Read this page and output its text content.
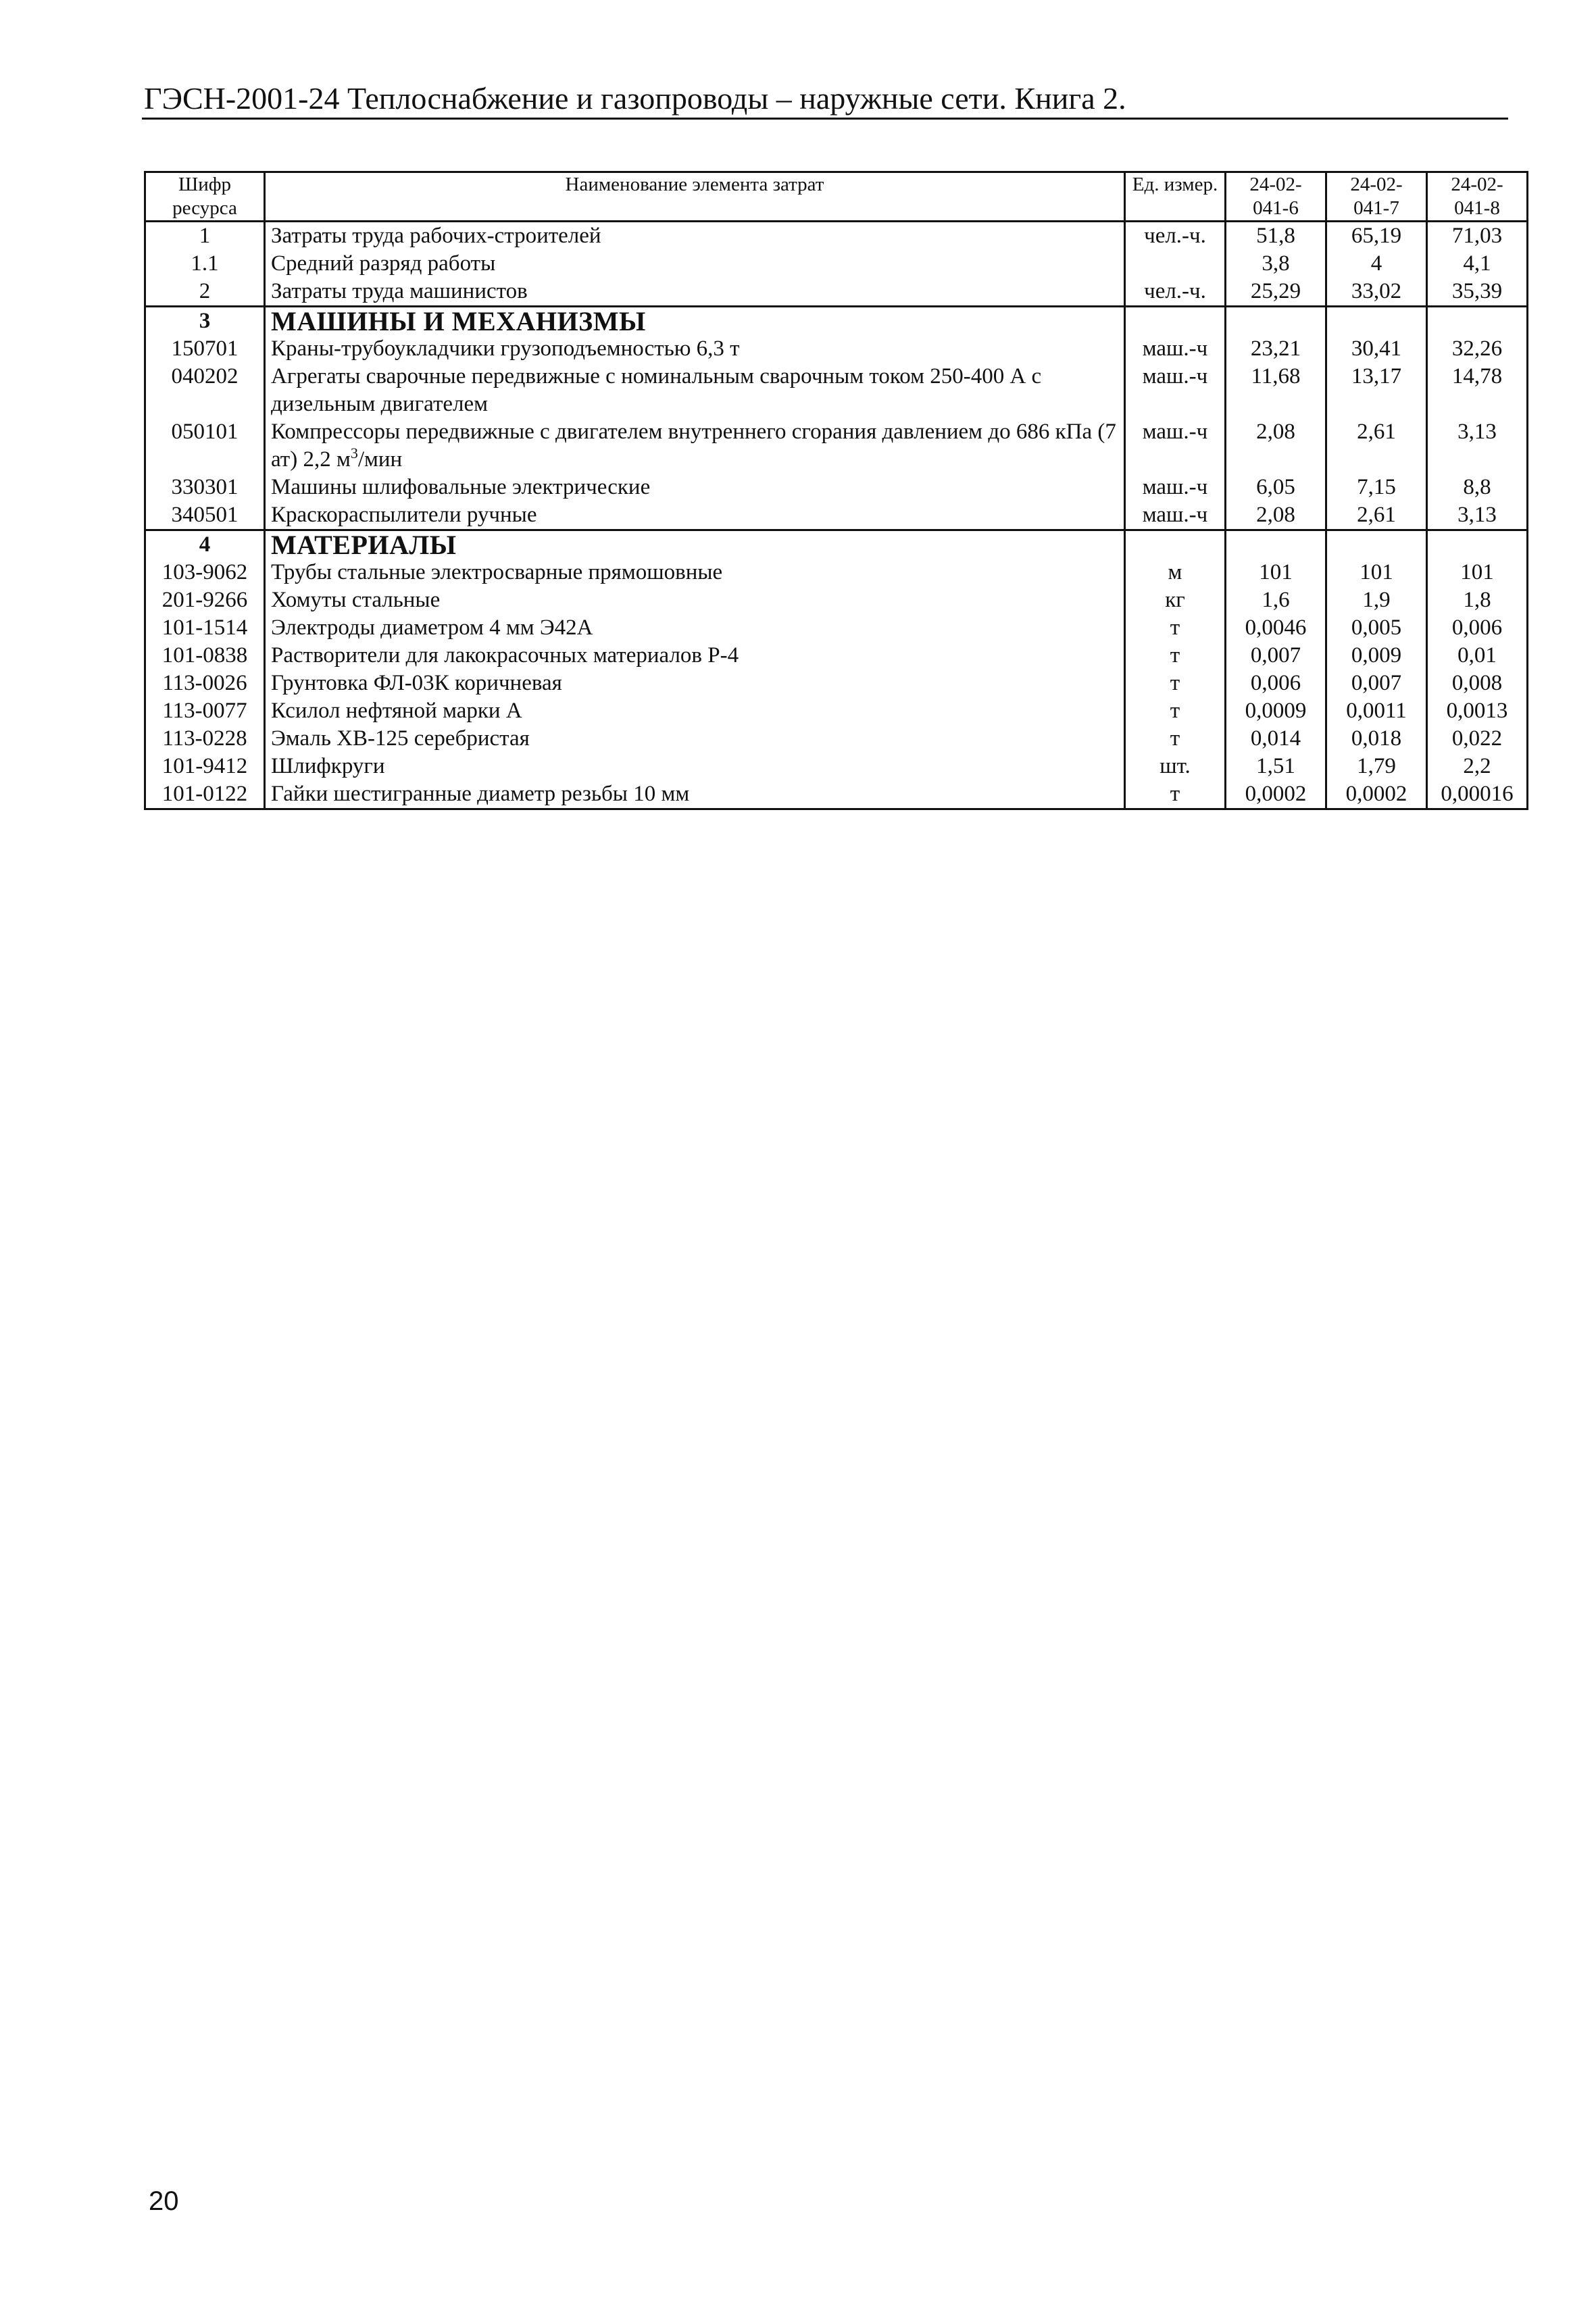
ГЭСН-2001-24 Теплоснабжение и газопроводы – наружные сети. Книга 2.
Шифр ресурса	Наименование элемента затрат	Ед. измер.	24-02-041-6	24-02-041-7	24-02-041-8
1	Затраты труда рабочих-строителей	чел.-ч.	51,8	65,19	71,03
1.1	Средний разряд работы		3,8	4	4,1
2	Затраты труда машинистов	чел.-ч.	25,29	33,02	35,39
3	МАШИНЫ И МЕХАНИЗМЫ				
150701	Краны-трубоукладчики грузоподъемностью 6,3 т	маш.-ч	23,21	30,41	32,26
040202	Агрегаты сварочные передвижные с номинальным сварочным током 250-400 А с дизельным двигателем	маш.-ч	11,68	13,17	14,78
050101	Компрессоры передвижные с двигателем внутреннего сгорания давлением до 686 кПа (7 ат) 2,2 $м^3$/мин	маш.-ч	2,08	2,61	3,13
330301	Машины шлифовальные электрические	маш.-ч	6,05	7,15	8,8
340501	Краскораспылители ручные	маш.-ч	2,08	2,61	3,13
4	МАТЕРИАЛЫ				
103-9062	Трубы стальные электросварные прямошовные	м	101	101	101
201-9266	Хомуты стальные	кг	1,6	1,9	1,8
101-1514	Электроды диаметром 4 мм Э42А	т	0,0046	0,005	0,006
101-0838	Растворители для лакокрасочных материалов Р-4	т	0,007	0,009	0,01
113-0026	Грунтовка ФЛ-03К коричневая	т	0,006	0,007	0,008
113-0077	Ксилол нефтяной марки А	т	0,0009	0,0011	0,0013
113-0228	Эмаль ХВ-125 серебристая	т	0,014	0,018	0,022
101-9412	Шлифкруги	шт.	1,51	1,79	2,2
101-0122	Гайки шестигранные диаметр резьбы 10 мм	т	0,0002	0,0002	0,00016
20
